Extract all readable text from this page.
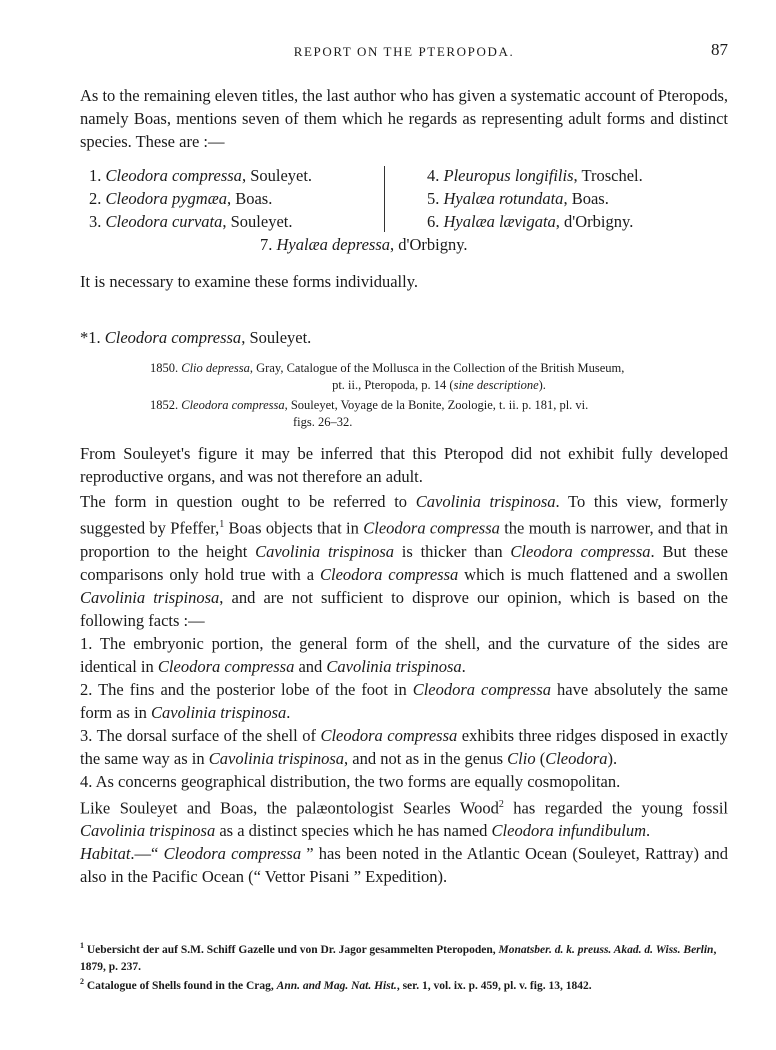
REPORT ON THE PTEROPODA.	87

As to the remaining eleven titles, the last author who has given a systematic account of Pteropods, namely Boas, mentions seven of them which he regards as representing adult forms and distinct species. These are :—

1. Cleodora compressa, Souleyet.
2. Cleodora pygmæa, Boas.
3. Cleodora curvata, Souleyet.
4. Pleuropus longifilis, Troschel.
5. Hyalæa rotundata, Boas.
6. Hyalæa lævigata, d'Orbigny.
7. Hyalæa depressa, d'Orbigny.

It is necessary to examine these forms individually.

*1. Cleodora compressa, Souleyet.
1850. Clio depressa, Gray, Catalogue of the Mollusca in the Collection of the British Museum,
pt. ii., Pteropoda, p. 14 (sine descriptione).
1852. Cleodora compressa, Souleyet, Voyage de la Bonite, Zoologie, t. ii. p. 181, pl. vi.
figs. 26–32.

From Souleyet's figure it may be inferred that this Pteropod did not exhibit fully developed reproductive organs, and was not therefore an adult.

The form in question ought to be referred to Cavolinia trispinosa. To this view, formerly suggested by Pfeffer,$^1$ Boas objects that in Cleodora compressa the mouth is narrower, and that in proportion to the height Cavolinia trispinosa is thicker than Cleodora compressa. But these comparisons only hold true with a Cleodora compressa which is much flattened and a swollen Cavolinia trispinosa, and are not sufficient to disprove our opinion, which is based on the following facts :—

1. The embryonic portion, the general form of the shell, and the curvature of the sides are identical in Cleodora compressa and Cavolinia trispinosa.

2. The fins and the posterior lobe of the foot in Cleodora compressa have absolutely the same form as in Cavolinia trispinosa.

3. The dorsal surface of the shell of Cleodora compressa exhibits three ridges disposed in exactly the same way as in Cavolinia trispinosa, and not as in the genus Clio (Cleodora).

4. As concerns geographical distribution, the two forms are equally cosmopolitan.

Like Souleyet and Boas, the palæontologist Searles Wood$^2$ has regarded the young fossil Cavolinia trispinosa as a distinct species which he has named Cleodora infundibulum.

Habitat.—“ Cleodora compressa ” has been noted in the Atlantic Ocean (Souleyet, Rattray) and also in the Pacific Ocean (“ Vettor Pisani ” Expedition).

$^1$ Uebersicht der auf S.M. Schiff Gazelle und von Dr. Jagor gesammelten Pteropoden, Monatsber. d. k. preuss. Akad. d. Wiss. Berlin, 1879, p. 237.
$^2$ Catalogue of Shells found in the Crag, Ann. and Mag. Nat. Hist., ser. 1, vol. ix. p. 459, pl. v. fig. 13, 1842.
